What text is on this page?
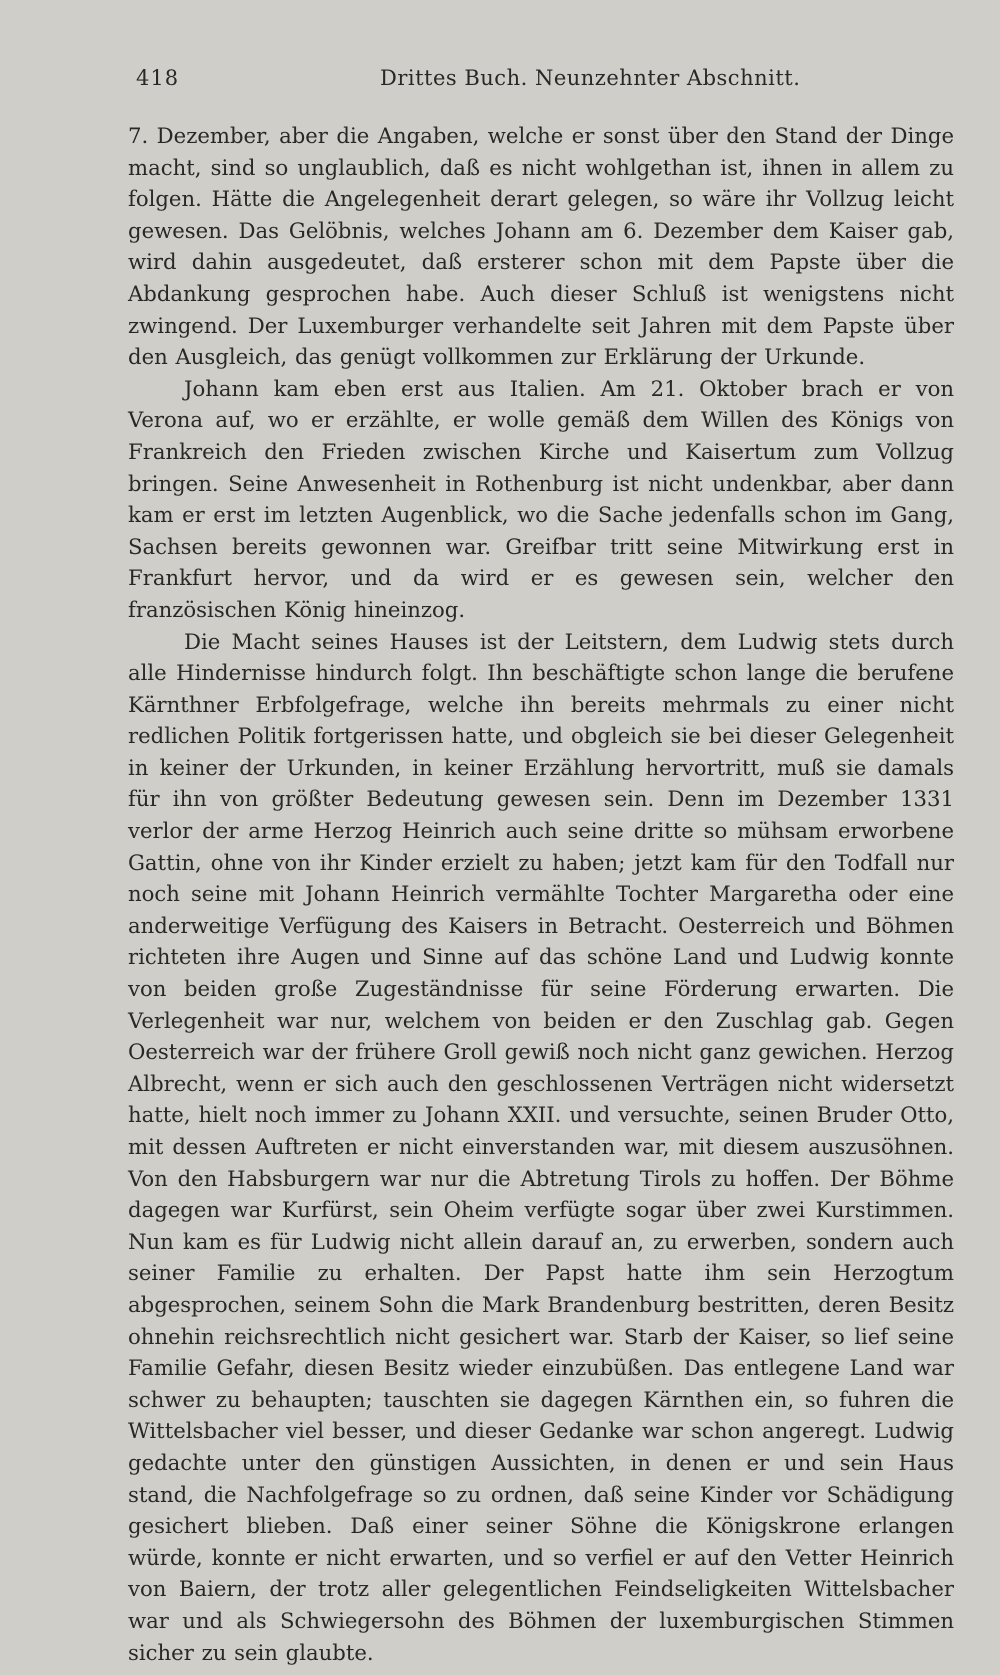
418	Drittes Buch. Neunzehnter Abschnitt.

7. Dezember, aber die Angaben, welche er sonst über den Stand der Dinge macht, sind so unglaublich, daß es nicht wohlgethan ist, ihnen in allem zu folgen. Hätte die Angelegenheit derart gelegen, so wäre ihr Vollzug leicht gewesen. Das Gelöbnis, welches Johann am 6. Dezember dem Kaiser gab, wird dahin ausgedeutet, daß ersterer schon mit dem Papste über die Abdankung gesprochen habe. Auch dieser Schluß ist wenigstens nicht zwingend. Der Luxemburger verhandelte seit Jahren mit dem Papste über den Ausgleich, das genügt vollkommen zur Erklärung der Urkunde.

Johann kam eben erst aus Italien. Am 21. Oktober brach er von Verona auf, wo er erzählte, er wolle gemäß dem Willen des Königs von Frankreich den Frieden zwischen Kirche und Kaisertum zum Vollzug bringen. Seine Anwesenheit in Rothenburg ist nicht undenkbar, aber dann kam er erst im letzten Augenblick, wo die Sache jedenfalls schon im Gang, Sachsen bereits gewonnen war. Greifbar tritt seine Mitwirkung erst in Frankfurt hervor, und da wird er es gewesen sein, welcher den französischen König hineinzog.

Die Macht seines Hauses ist der Leitstern, dem Ludwig stets durch alle Hindernisse hindurch folgt. Ihn beschäftigte schon lange die berufene Kärnthner Erbfolgefrage, welche ihn bereits mehrmals zu einer nicht redlichen Politik fortgerissen hatte, und obgleich sie bei dieser Gelegenheit in keiner der Urkunden, in keiner Erzählung hervortritt, muß sie damals für ihn von größter Bedeutung gewesen sein. Denn im Dezember 1331 verlor der arme Herzog Heinrich auch seine dritte so mühsam erworbene Gattin, ohne von ihr Kinder erzielt zu haben; jetzt kam für den Todfall nur noch seine mit Johann Heinrich vermählte Tochter Margaretha oder eine anderweitige Verfügung des Kaisers in Betracht. Oesterreich und Böhmen richteten ihre Augen und Sinne auf das schöne Land und Ludwig konnte von beiden große Zugeständnisse für seine Förderung erwarten. Die Verlegenheit war nur, welchem von beiden er den Zuschlag gab. Gegen Oesterreich war der frühere Groll gewiß noch nicht ganz gewichen. Herzog Albrecht, wenn er sich auch den geschlossenen Verträgen nicht widersetzt hatte, hielt noch immer zu Johann XXII. und versuchte, seinen Bruder Otto, mit dessen Auftreten er nicht einverstanden war, mit diesem auszusöhnen. Von den Habsburgern war nur die Abtretung Tirols zu hoffen. Der Böhme dagegen war Kurfürst, sein Oheim verfügte sogar über zwei Kurstimmen. Nun kam es für Ludwig nicht allein darauf an, zu erwerben, sondern auch seiner Familie zu erhalten. Der Papst hatte ihm sein Herzogtum abgesprochen, seinem Sohn die Mark Brandenburg bestritten, deren Besitz ohnehin reichsrechtlich nicht gesichert war. Starb der Kaiser, so lief seine Familie Gefahr, diesen Besitz wieder einzubüßen. Das entlegene Land war schwer zu behaupten; tauschten sie dagegen Kärnthen ein, so fuhren die Wittelsbacher viel besser, und dieser Gedanke war schon angeregt. Ludwig gedachte unter den günstigen Aussichten, in denen er und sein Haus stand, die Nachfolgefrage so zu ordnen, daß seine Kinder vor Schädigung gesichert blieben. Daß einer seiner Söhne die Königskrone erlangen würde, konnte er nicht erwarten, und so verfiel er auf den Vetter Heinrich von Baiern, der trotz aller gelegentlichen Feindseligkeiten Wittelsbacher war und als Schwiegersohn des Böhmen der luxemburgischen Stimmen sicher zu sein glaubte.
